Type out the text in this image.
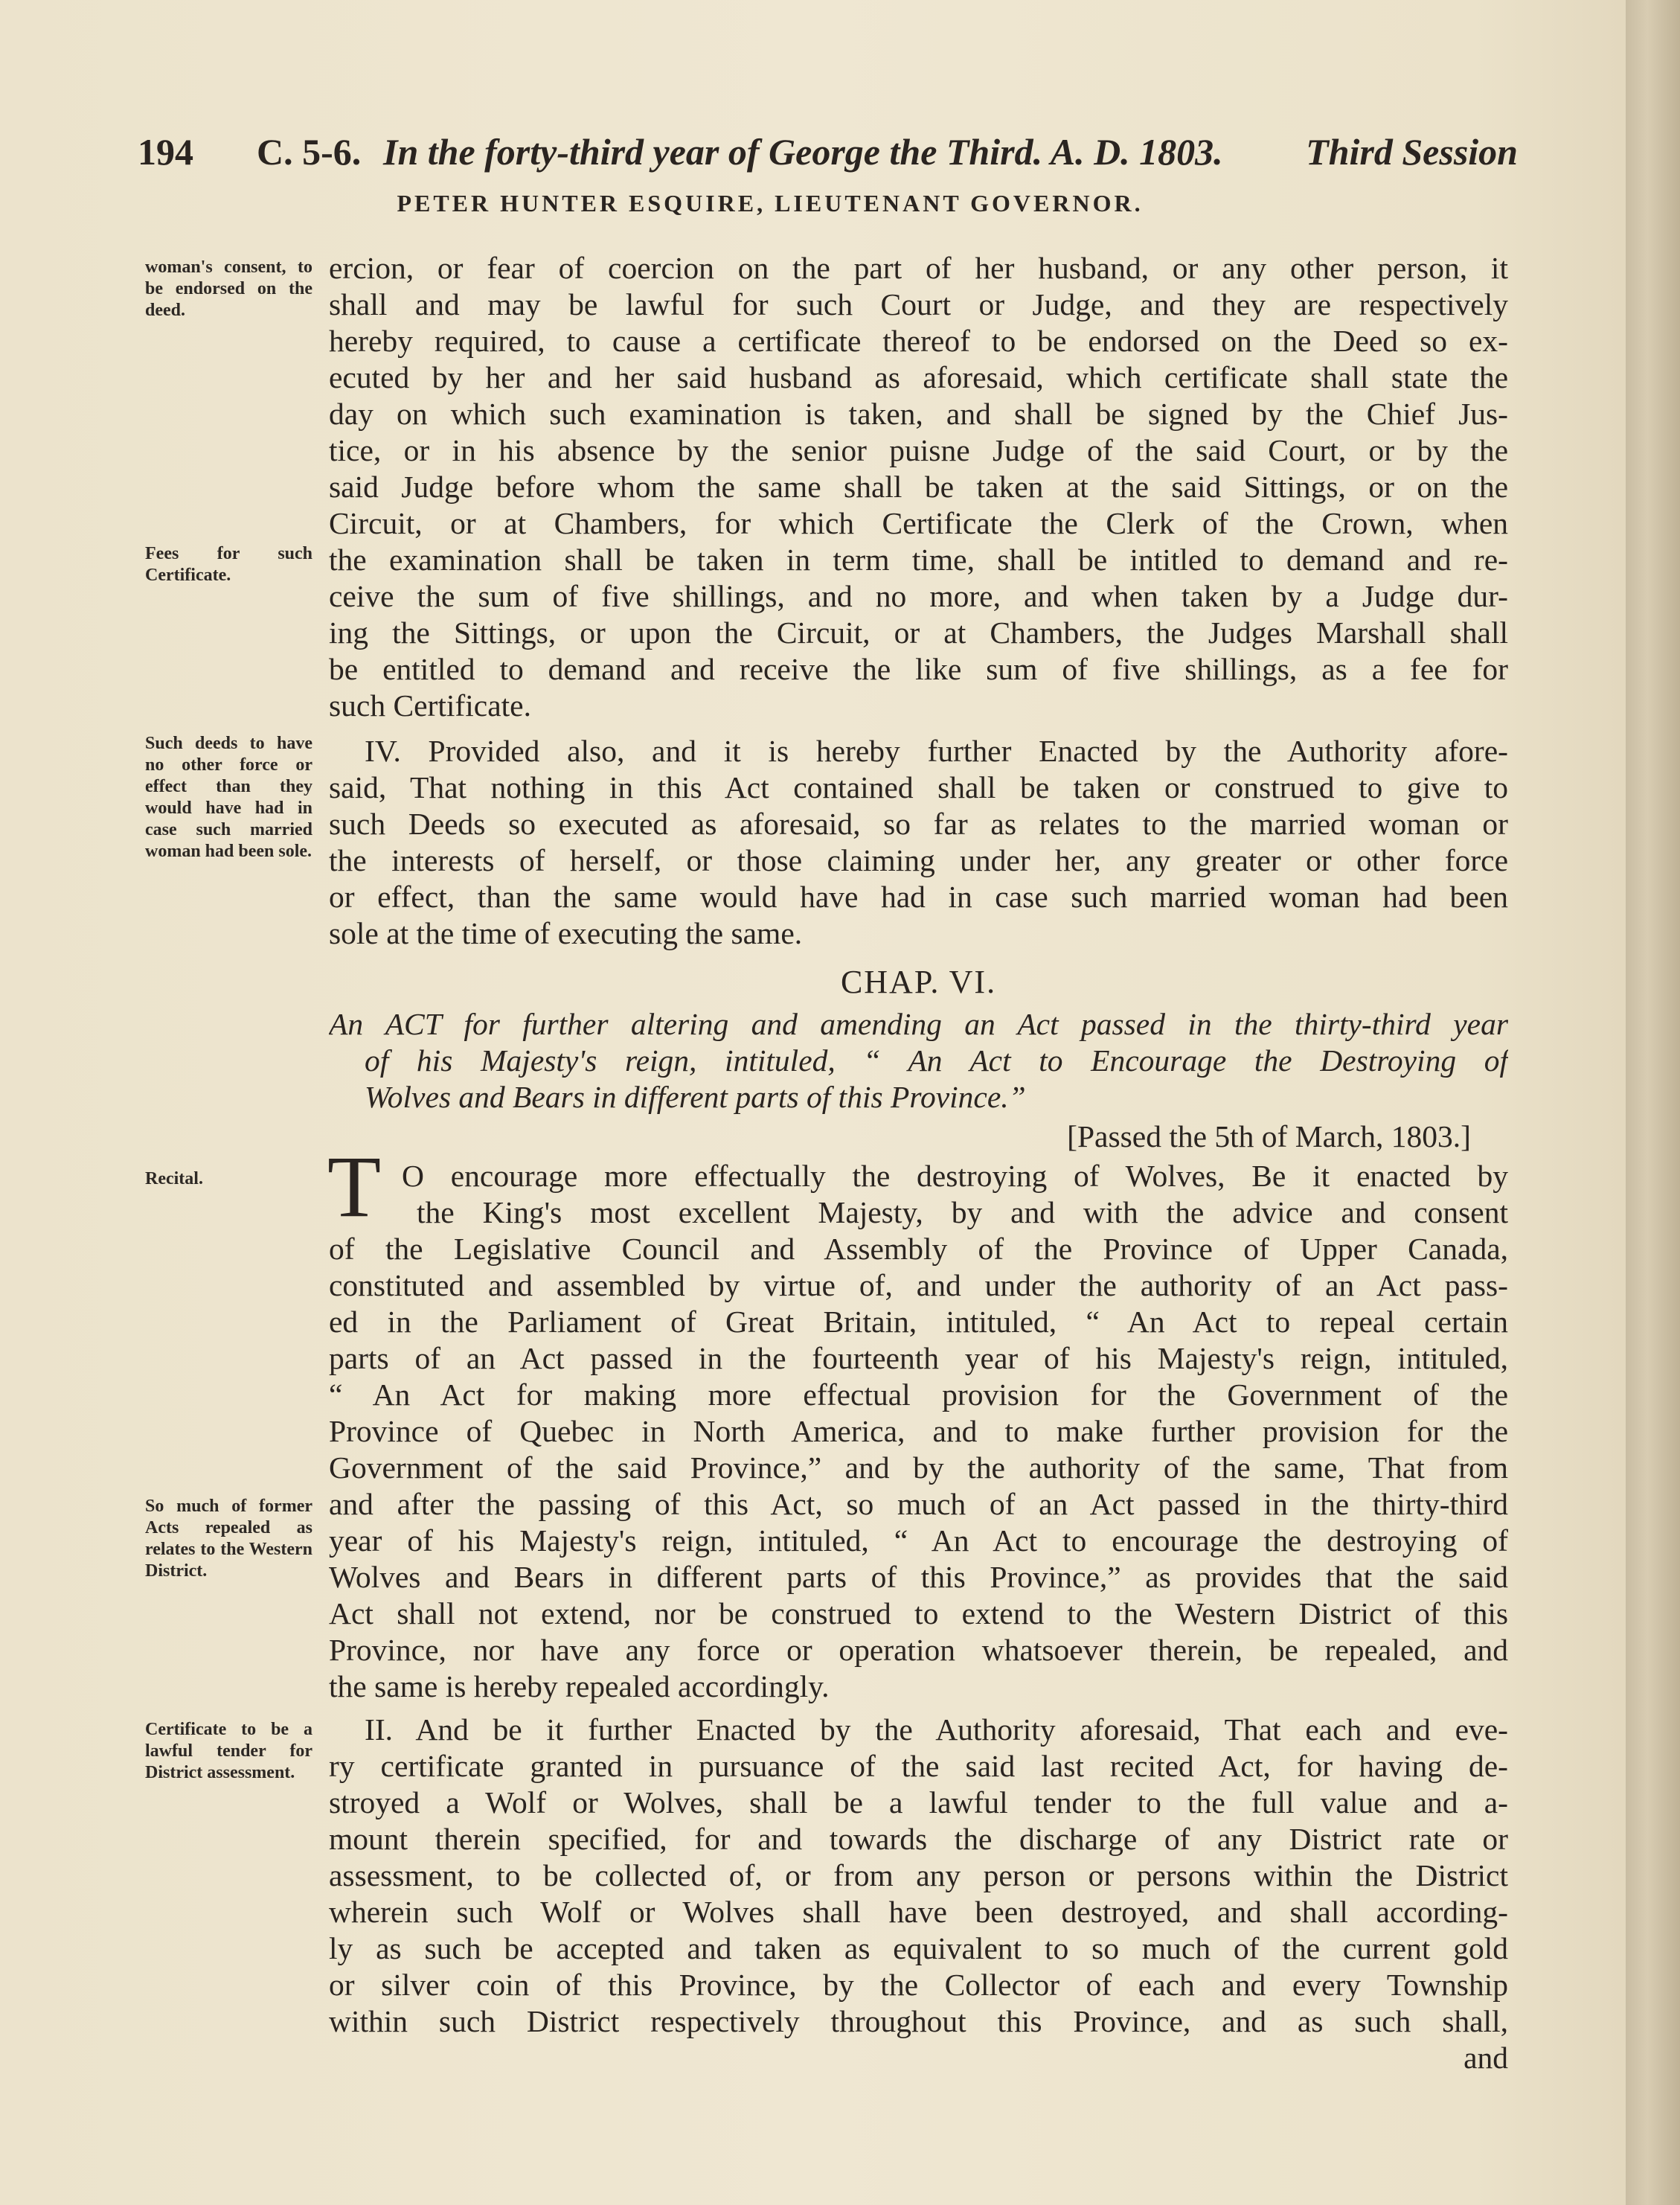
194 C. 5-6. In the forty-third year of George the Third. A. D. 1803. Third Session
PETER HUNTER ESQUIRE, LIEUTENANT GOVERNOR.
woman's consent, to be endorsed on the deed.
Fees for such Certificate.
Such deeds to have no other force or effect than they would have had in case such married woman had been sole.
Recital.
So much of former Acts repealed as relates to the Western District.
Certificate to be a lawful tender for District assessment.
ercion, or fear of coercion on the part of her husband, or any other person, it
shall and may be lawful for such Court or Judge, and they are respectively
hereby required, to cause a certificate thereof to be endorsed on the Deed so ex-
ecuted by her and her said husband as aforesaid, which certificate shall state the
day on which such examination is taken, and shall be signed by the Chief Jus-
tice, or in his absence by the senior puisne Judge of the said Court, or by the
said Judge before whom the same shall be taken at the said Sittings, or on the
Circuit, or at Chambers, for which Certificate the Clerk of the Crown, when
the examination shall be taken in term time, shall be intitled to demand and re-
ceive the sum of five shillings, and no more, and when taken by a Judge dur-
ing the Sittings, or upon the Circuit, or at Chambers, the Judges Marshall shall
be entitled to demand and receive the like sum of five shillings, as a fee for
such Certificate.
IV. Provided also, and it is hereby further Enacted by the Authority afore-
said, That nothing in this Act contained shall be taken or construed to give to
such Deeds so executed as aforesaid, so far as relates to the married woman or
the interests of herself, or those claiming under her, any greater or other force
or effect, than the same would have had in case such married woman had been
sole at the time of executing the same.
CHAP. VI.
An ACT for further altering and amending an Act passed in the thirty-third year
of his Majesty's reign, intituled, “ An Act to Encourage the Destroying of
Wolves and Bears in different parts of this Province.”
[Passed the 5th of March, 1803.]
T O encourage more effectually the destroying of Wolves, Be it enacted by
the King's most excellent Majesty, by and with the advice and consent
of the Legislative Council and Assembly of the Province of Upper Canada,
constituted and assembled by virtue of, and under the authority of an Act pass-
ed in the Parliament of Great Britain, intituled, “ An Act to repeal certain
parts of an Act passed in the fourteenth year of his Majesty's reign, intituled,
“ An Act for making more effectual provision for the Government of the
Province of Quebec in North America, and to make further provision for the
Government of the said Province,” and by the authority of the same, That from
and after the passing of this Act, so much of an Act passed in the thirty-third
year of his Majesty's reign, intituled, “ An Act to encourage the destroying of
Wolves and Bears in different parts of this Province,” as provides that the said
Act shall not extend, nor be construed to extend to the Western District of this
Province, nor have any force or operation whatsoever therein, be repealed, and
the same is hereby repealed accordingly.
II. And be it further Enacted by the Authority aforesaid, That each and eve-
ry certificate granted in pursuance of the said last recited Act, for having de-
stroyed a Wolf or Wolves, shall be a lawful tender to the full value and a-
mount therein specified, for and towards the discharge of any District rate or
assessment, to be collected of, or from any person or persons within the District
wherein such Wolf or Wolves shall have been destroyed, and shall according-
ly as such be accepted and taken as equivalent to so much of the current gold
or silver coin of this Province, by the Collector of each and every Township
within such District respectively throughout this Province, and as such shall,
and
